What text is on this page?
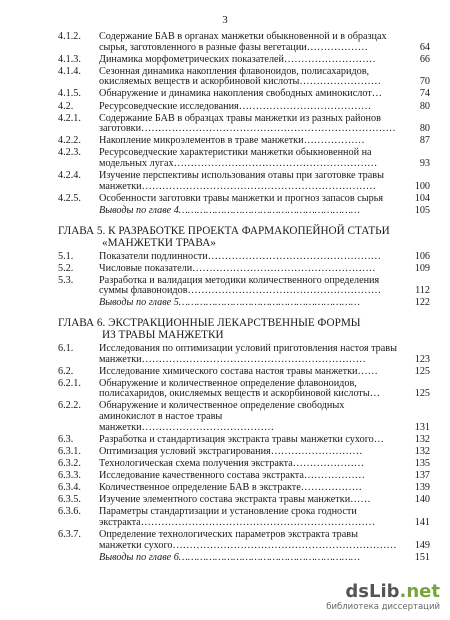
3
4.1.2.	Содержание БАВ в органах манжетки обыкновенной и в образцах сырья, заготовленного в разные фазы вегетации………………	64
4.1.3.	Динамика морфометрических показателей………………………	66
4.1.4.	Сезонная динамика накопления флавоноидов, полисахаридов, окисляемых веществ и аскорбиновой кислоты……………………	70
4.1.5.	Обнаружение и динамика накопления свободных аминокислот…	74
4.2.	Ресурсоведческие исследования…………………………………	80
4.2.1.	Содержание БАВ в образцах травы манжетки из разных районов заготовки…………………………………………………………………	80
4.2.2.	Накопление микроэлементов в траве манжетки………………	87
4.2.3.	Ресурсоведческие характеристики манжетки обыкновенной на модельных лугах……………………………………………………	93
4.2.4.	Изучение перспективы использования отавы при заготовке травы манжетки……………………………………………………………	100
4.2.5.	Особенности заготовки травы манжетки и прогноз запасов сырья	104
Выводы по главе 4……………………………………………………	105
ГЛАВА 5. К РАЗРАБОТКЕ ПРОЕКТА ФАРМАКОПЕЙНОЙ СТАТЬИ
«МАНЖЕТКИ ТРАВА»
5.1.	Показатели подлинности……………………………………………	106
5.2.	Числовые показатели………………………………………………	109
5.3.	Разработка и валидация методики количественного определения суммы флавоноидов…………………………………………………	112
Выводы по главе 5……………………………………………………	122
ГЛАВА 6. ЭКСТРАКЦИОННЫЕ ЛЕКАРСТВЕННЫЕ ФОРМЫ
ИЗ ТРАВЫ МАНЖЕТКИ
6.1.	Исследования по оптимизации условий приготовления настоя травы манжетки…………………………………………………………	123
6.2.	Исследование химического состава настоя травы манжетки……	125
6.2.1.	Обнаружение и количественное определение флавоноидов, полисахаридов, окисляемых веществ и аскорбиновой кислоты…	125
6.2.2.	Обнаружение и количественное определение свободных аминокислот в настое травы манжетки…………………………………	131
6.3.	Разработка и стандартизация экстракта травы манжетки сухого…	132
6.3.1.	Оптимизация условий экстрагирования………………………	132
6.3.2.	Технологическая схема получения экстракта…………………	135
6.3.3.	Исследование качественного состава экстракта………………	137
6.3.4.	Количественное определение БАВ в экстракте………………	139
6.3.5.	Изучение элементного состава экстракта травы манжетки……	140
6.3.6.	Параметры стандартизации и установление срока годности экстракта……………………………………………………………	141
6.3.7.	Определение технологических параметров экстракта травы манжетки сухого…………………………………………………………	149
Выводы по главе 6……………………………………………………	151
dsLib.net
библиотека диссертаций
